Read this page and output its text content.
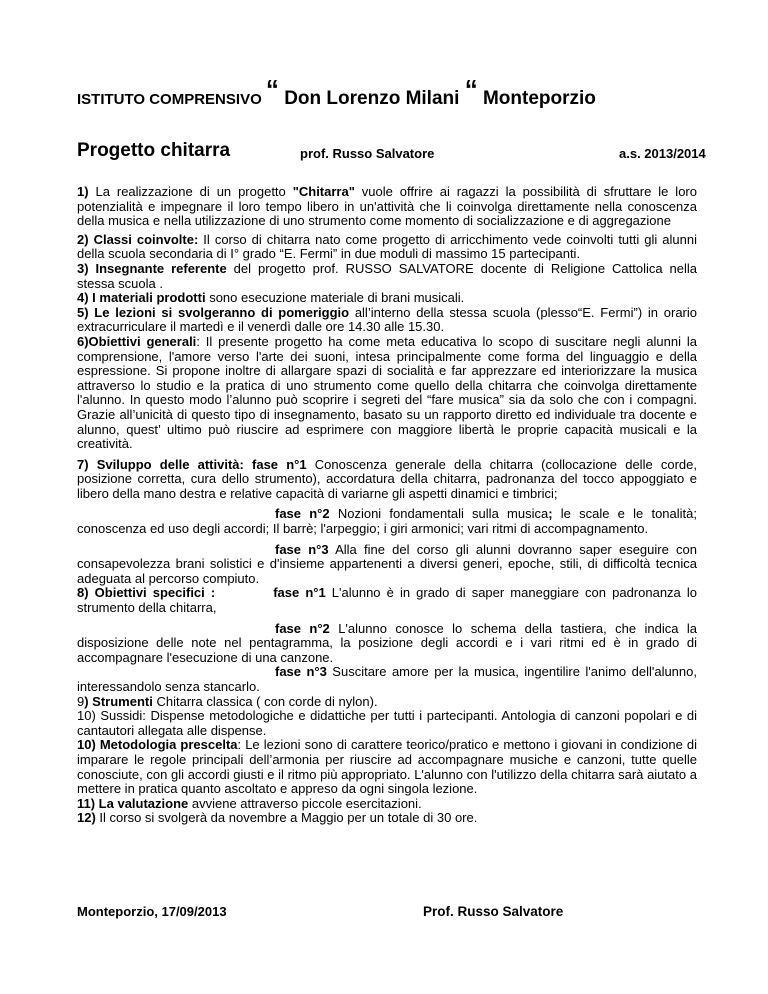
ISTITUTO COMPRENSIVO “ Don Lorenzo Milani “ Monteporzio
Progetto chitarra	prof. Russo Salvatore	a.s. 2013/2014

1) La realizzazione di un progetto "Chitarra" vuole offrire ai ragazzi la possibilità di sfruttare le loro potenzialità e impegnare il loro tempo libero in un'attività che li coinvolga direttamente nella conoscenza della musica e nella utilizzazione di uno strumento come momento di socializzazione e di aggregazione

2) Classi coinvolte: Il corso di chitarra nato come progetto di arricchimento vede coinvolti tutti gli alunni della scuola secondaria di I° grado “E. Fermi” in due moduli di massimo 15 partecipanti.

3) Insegnante referente del progetto prof. RUSSO SALVATORE docente di Religione Cattolica nella stessa scuola .

4) I materiali prodotti sono esecuzione materiale di brani musicali.

5) Le lezioni si svolgeranno di pomeriggio all’interno della stessa scuola (plesso“E. Fermi”) in orario extracurriculare il martedì e il venerdì dalle ore 14.30 alle 15.30.

6)Obiettivi generali: Il presente progetto ha come meta educativa lo scopo di suscitare negli alunni la comprensione, l'amore verso l'arte dei suoni, intesa principalmente come forma del linguaggio e della espressione. Si propone inoltre di allargare spazi di socialità e far apprezzare ed interiorizzare la musica attraverso lo studio e la pratica di uno strumento come quello della chitarra che coinvolga direttamente l'alunno. In questo modo l’alunno può scoprire i segreti del “fare musica” sia da solo che con i compagni. Grazie all’unicità di questo tipo di insegnamento, basato su un rapporto diretto ed individuale tra docente e alunno, quest’ ultimo può riuscire ad esprimere con maggiore libertà le proprie capacità musicali e la creatività.

7) Sviluppo delle attività: fase n°1 Conoscenza generale della chitarra (collocazione delle corde, posizione corretta, cura dello strumento), accordatura della chitarra, padronanza del tocco appoggiato e libero della mano destra e relative capacità di variarne gli aspetti dinamici e timbrici;

fase n°2 Nozioni fondamentali sulla musica; le scale e le tonalità; conoscenza ed uso degli accordi; Il barrè; l'arpeggio; i giri armonici; vari ritmi di accompagnamento.

fase n°3 Alla fine del corso gli alunni dovranno saper eseguire con consapevolezza brani solistici e d'insieme appartenenti a diversi generi, epoche, stili, di difficoltà tecnica adeguata al percorso compiuto.

8) Obiettivi specifici :	fase n°1 L'alunno è in grado di saper maneggiare con padronanza lo strumento della chitarra,

fase n°2 L'alunno conosce lo schema della tastiera, che indica la disposizione delle note nel pentagramma, la posizione degli accordi e i vari ritmi ed è in grado di accompagnare l'esecuzione di una canzone.

fase n°3 Suscitare amore per la musica, ingentilire l'animo dell'alunno, interessandolo senza stancarlo.

9) Strumenti Chitarra classica ( con corde di nylon).

10) Sussidi: Dispense metodologiche e didattiche per tutti i partecipanti. Antologia di canzoni popolari e di cantautori allegata alle dispense.

10) Metodologia prescelta: Le lezioni sono di carattere teorico/pratico e mettono i giovani in condizione di imparare le regole principali dell’armonia per riuscire ad accompagnare musiche e canzoni, tutte quelle conosciute, con gli accordi giusti e il ritmo più appropriato. L'alunno con l'utilizzo della chitarra sarà aiutato a mettere in pratica quanto ascoltato e appreso da ogni singola lezione.

11) La valutazione avviene attraverso piccole esercitazioni.

12) Il corso si svolgerà da novembre a Maggio per un totale di 30 ore.

Monteporzio, 17/09/2013	Prof. Russo Salvatore
